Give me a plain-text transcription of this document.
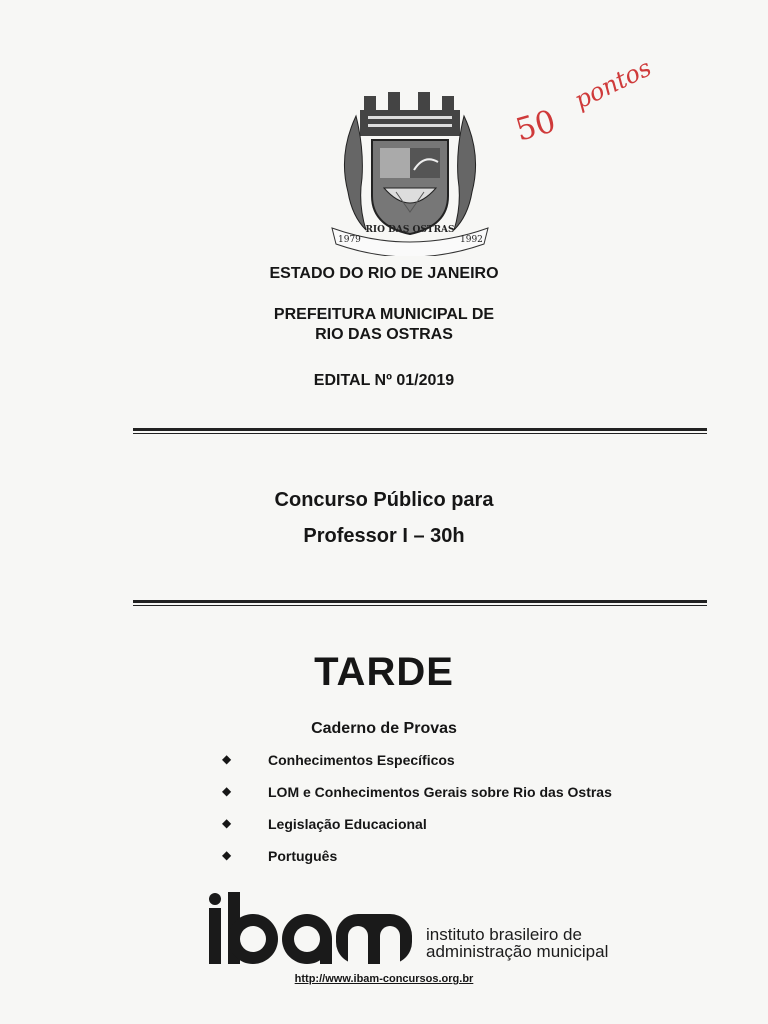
1979
RIO DAS OSTRAS
1992
50
pontos
ESTADO DO RIO DE JANEIRO
PREFEITURA MUNICIPAL DE
RIO DAS OSTRAS
EDITAL Nº 01/2019
Concurso Público para
Professor I – 30h
TARDE
Caderno de Provas
◆	Conhecimentos Específicos
◆	LOM e Conhecimentos Gerais sobre Rio das Ostras
◆	Legislação Educacional
◆	Português
instituto brasileiro de
administração municipal
http://www.ibam-concursos.org.br
